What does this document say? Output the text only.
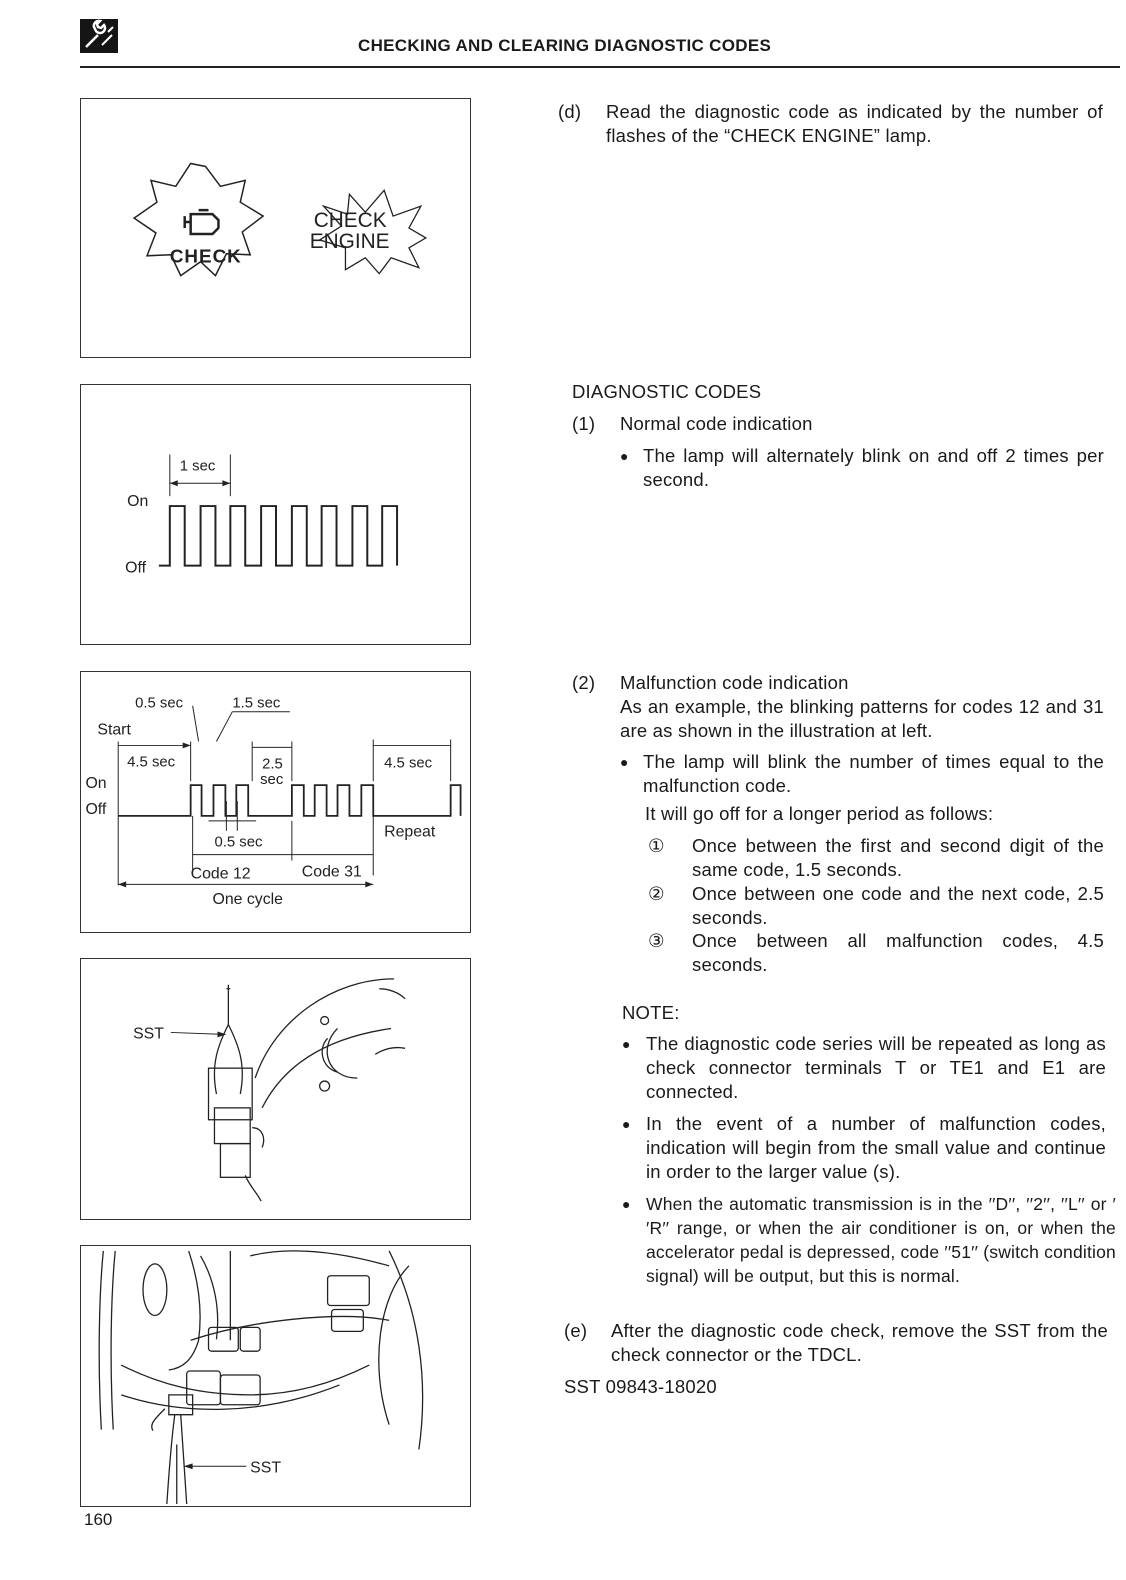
CHECKING AND CLEARING DIAGNOSTIC CODES
CHECK
CHECK
ENGINE
1 sec
On
Off
0.5 sec	1.5 sec
Start
4.5 sec	2.5
sec
4.5 sec
On
Off
0.5 sec
Repeat
Code 12	Code 31
One cycle
SST
SST
(d) Read the diagnostic code as indicated by the number of flashes of the “CHECK ENGINE” lamp.
DIAGNOSTIC CODES
(1) Normal code indication
● The lamp will alternately blink on and off 2 times per second.
(2) Malfunction code indication
As an example, the blinking patterns for codes 12 and 31 are as shown in the illustration at left.
● The lamp will blink the number of times equal to the malfunction code.
It will go off for a longer period as follows:
① Once between the first and second digit of the same code, 1.5 seconds.
② Once between one code and the next code, 2.5 seconds.
③ Once between all malfunction codes, 4.5 seconds.
NOTE:
● The diagnostic code series will be repeated as long as check connector terminals T or TE1 and E1 are connected.
● In the event of a number of malfunction codes, indication will begin from the small value and continue in order to the larger value (s).
● When the automatic transmission is in the ′′D′′, ′′2′′, ′′L′′ or ′′R′′ range, or when the air conditioner is on, or when the accelerator pedal is depressed, code ′′51′′ (switch condition signal) will be output, but this is normal.
(e) After the diagnostic code check, remove the SST from the check connector or the TDCL.
SST 09843-18020
160
